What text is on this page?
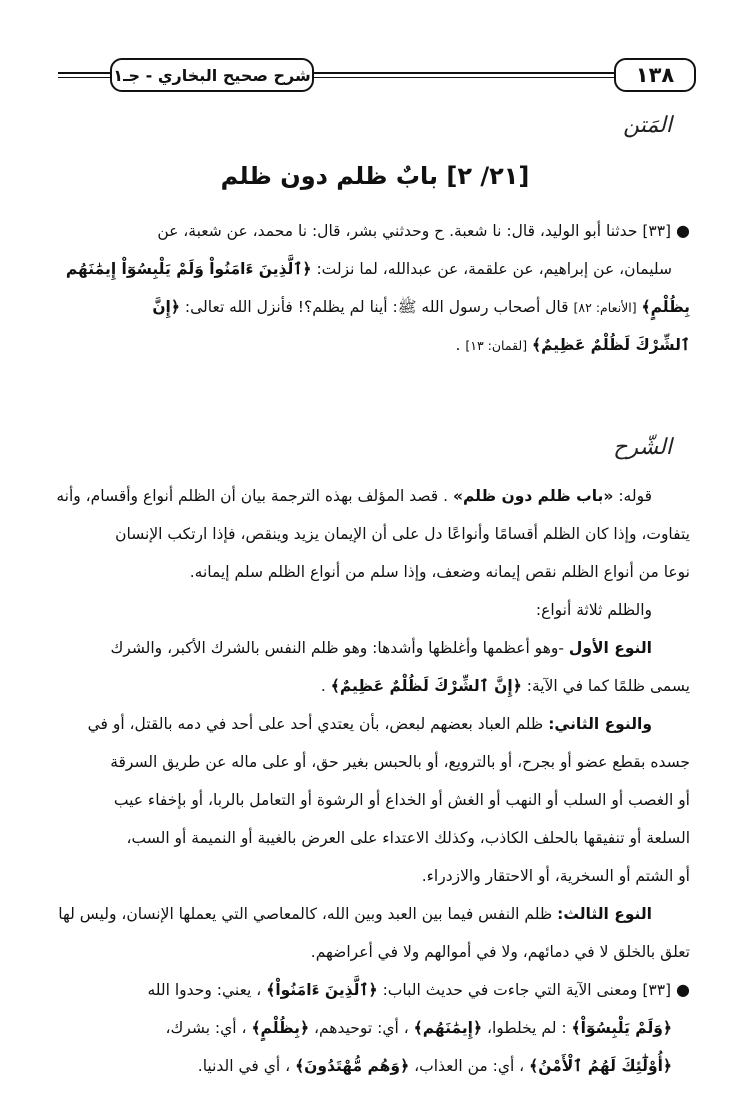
١٣٨
شرح صحيح البخاري - جـ١
المَتن
[٢١/ ٢] بابٌ ظلم دون ظلم
● [٣٣] حدثنا أبو الوليد، قال: نا شعبة. ح وحدثني بشر، قال: نا محمد، عن شعبة، عن
سليمان، عن إبراهيم، عن علقمة، عن عبدالله، لما نزلت: ﴿ٱلَّذِينَ ءَامَنُواْ وَلَمْ يَلْبِسُوٓاْ إِيمَٰنَهُم
بِظُلْمٍ﴾ [الأنعام: ٨٢] قال أصحاب رسول الله ﷺ: أينا لم يظلم؟! فأنزل الله تعالى: ﴿إِنَّ
ٱلشِّرْكَ لَظُلْمٌ عَظِيمٌ﴾ [لقمان: ١٣] .
الشّرح
قوله: «باب ظلم دون ظلم» . قصد المؤلف بهذه الترجمة بيان أن الظلم أنواع وأقسام، وأنه
يتفاوت، وإذا كان الظلم أقسامًا وأنواعًا دل على أن الإيمان يزيد وينقص، فإذا ارتكب الإنسان
نوعا من أنواع الظلم نقص إيمانه وضعف، وإذا سلم من أنواع الظلم سلم إيمانه.
والظلم ثلاثة أنواع:
النوع الأول -وهو أعظمها وأغلظها وأشدها: وهو ظلم النفس بالشرك الأكبر، والشرك
يسمى ظلمًا كما في الآية: ﴿إِنَّ ٱلشِّرْكَ لَظُلْمٌ عَظِيمٌ﴾ .
والنوع الثاني: ظلم العباد بعضهم لبعض، بأن يعتدي أحد على أحد في دمه بالقتل، أو في
جسده بقطع عضو أو بجرح، أو بالترويع، أو بالحبس بغير حق، أو على ماله عن طريق السرقة
أو الغصب أو السلب أو النهب أو الغش أو الخداع أو الرشوة أو التعامل بالربا، أو بإخفاء عيب
السلعة أو تنفيقها بالحلف الكاذب، وكذلك الاعتداء على العرض بالغيبة أو النميمة أو السب،
أو الشتم أو السخرية، أو الاحتقار والازدراء.
النوع الثالث: ظلم النفس فيما بين العبد وبين الله، كالمعاصي التي يعملها الإنسان، وليس لها
تعلق بالخلق لا في دمائهم، ولا في أموالهم ولا في أعراضهم.
● [٣٣] ومعنى الآية التي جاءت في حديث الباب: ﴿ٱلَّذِينَ ءَامَنُواْ﴾ ، يعني: وحدوا الله
﴿وَلَمْ يَلْبِسُوٓاْ﴾ : لم يخلطوا، ﴿إِيمَٰنَهُم﴾ ، أي: توحيدهم، ﴿بِظُلْمٍ﴾ ، أي: بشرك،
﴿أُوْلَٰٓئِكَ لَهُمُ ٱلْأَمْنُ﴾ ، أي: من العذاب، ﴿وَهُم مُّهْتَدُونَ﴾ ، أي في الدنيا.
